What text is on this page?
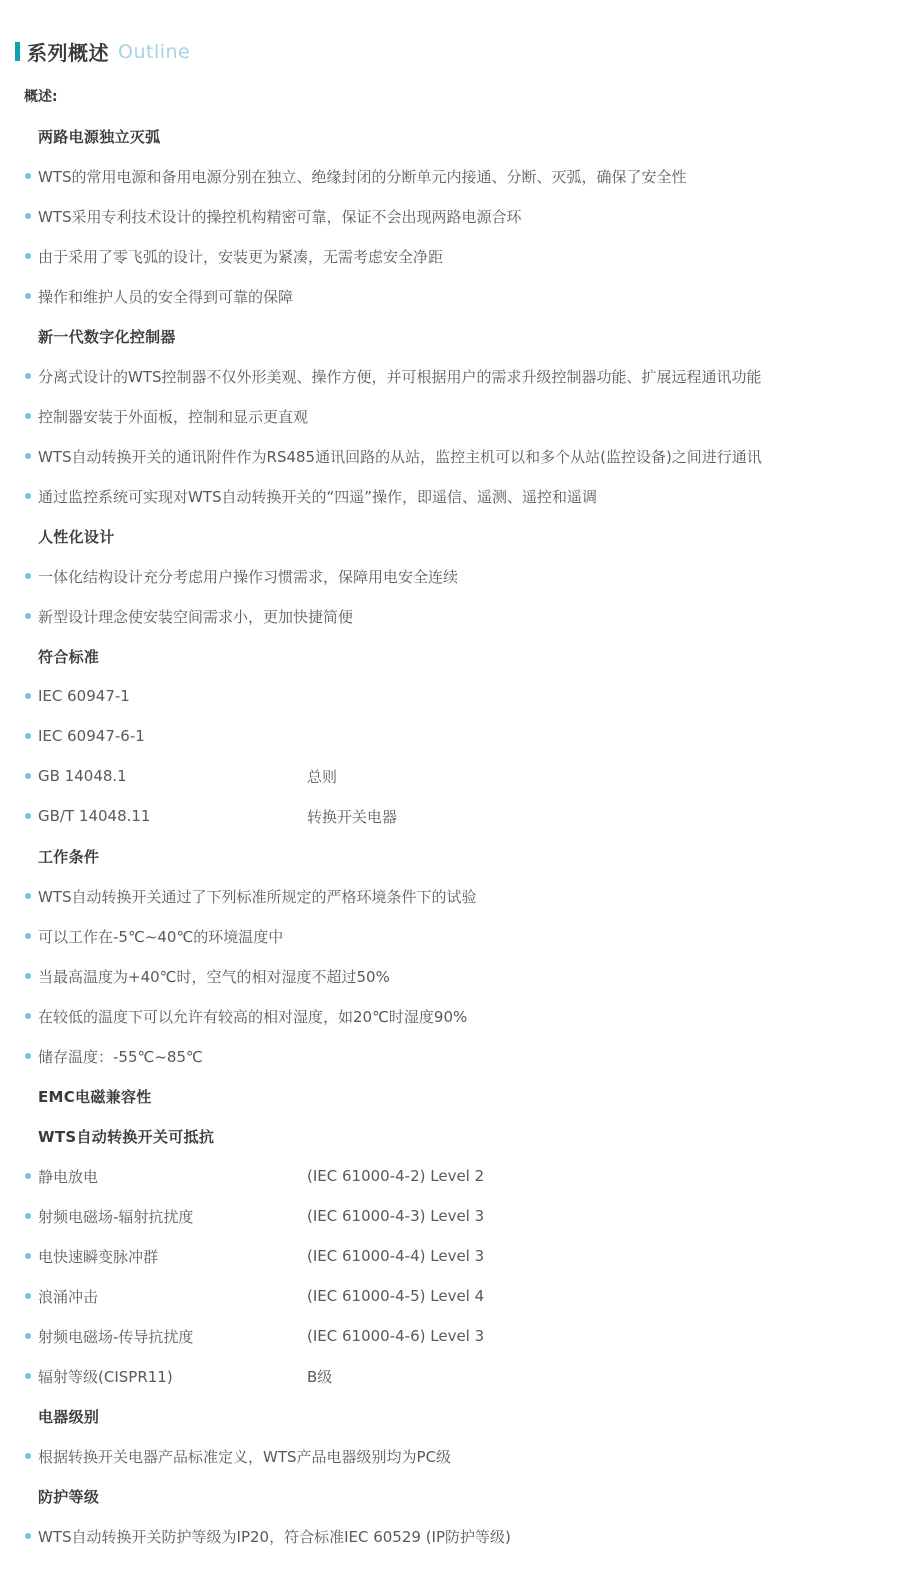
系列概述 Outline
概述:
两路电源独立灭弧
WTS的常用电源和备用电源分别在独立、绝缘封闭的分断单元内接通、分断、灭弧，确保了安全性
WTS采用专利技术设计的操控机构精密可靠，保证不会出现两路电源合环
由于采用了零飞弧的设计，安装更为紧凑，无需考虑安全净距
操作和维护人员的安全得到可靠的保障
新一代数字化控制器
分离式设计的WTS控制器不仅外形美观、操作方便，并可根据用户的需求升级控制器功能、扩展远程通讯功能
控制器安装于外面板，控制和显示更直观
WTS自动转换开关的通讯附件作为RS485通讯回路的从站，监控主机可以和多个从站(监控设备)之间进行通讯
通过监控系统可实现对WTS自动转换开关的“四遥”操作，即遥信、遥测、遥控和遥调
人性化设计
一体化结构设计充分考虑用户操作习惯需求，保障用电安全连续
新型设计理念使安装空间需求小，更加快捷简便
符合标准
IEC 60947-1
IEC 60947-6-1
GB 14048.1	总则
GB/T 14048.11	转换开关电器
工作条件
WTS自动转换开关通过了下列标准所规定的严格环境条件下的试验
可以工作在-5℃~40℃的环境温度中
当最高温度为+40℃时，空气的相对湿度不超过50%
在较低的温度下可以允许有较高的相对湿度，如20℃时湿度90%
储存温度：-55℃~85℃
EMC电磁兼容性
WTS自动转换开关可抵抗
静电放电	(IEC 61000-4-2) Level 2
射频电磁场-辐射抗扰度	(IEC 61000-4-3) Level 3
电快速瞬变脉冲群	(IEC 61000-4-4) Level 3
浪涌冲击	(IEC 61000-4-5) Level 4
射频电磁场-传导抗扰度	(IEC 61000-4-6) Level 3
辐射等级(CISPR11)	B级
电器级别
根据转换开关电器产品标准定义，WTS产品电器级别均为PC级
防护等级
WTS自动转换开关防护等级为IP20，符合标准IEC 60529 (IP防护等级)
